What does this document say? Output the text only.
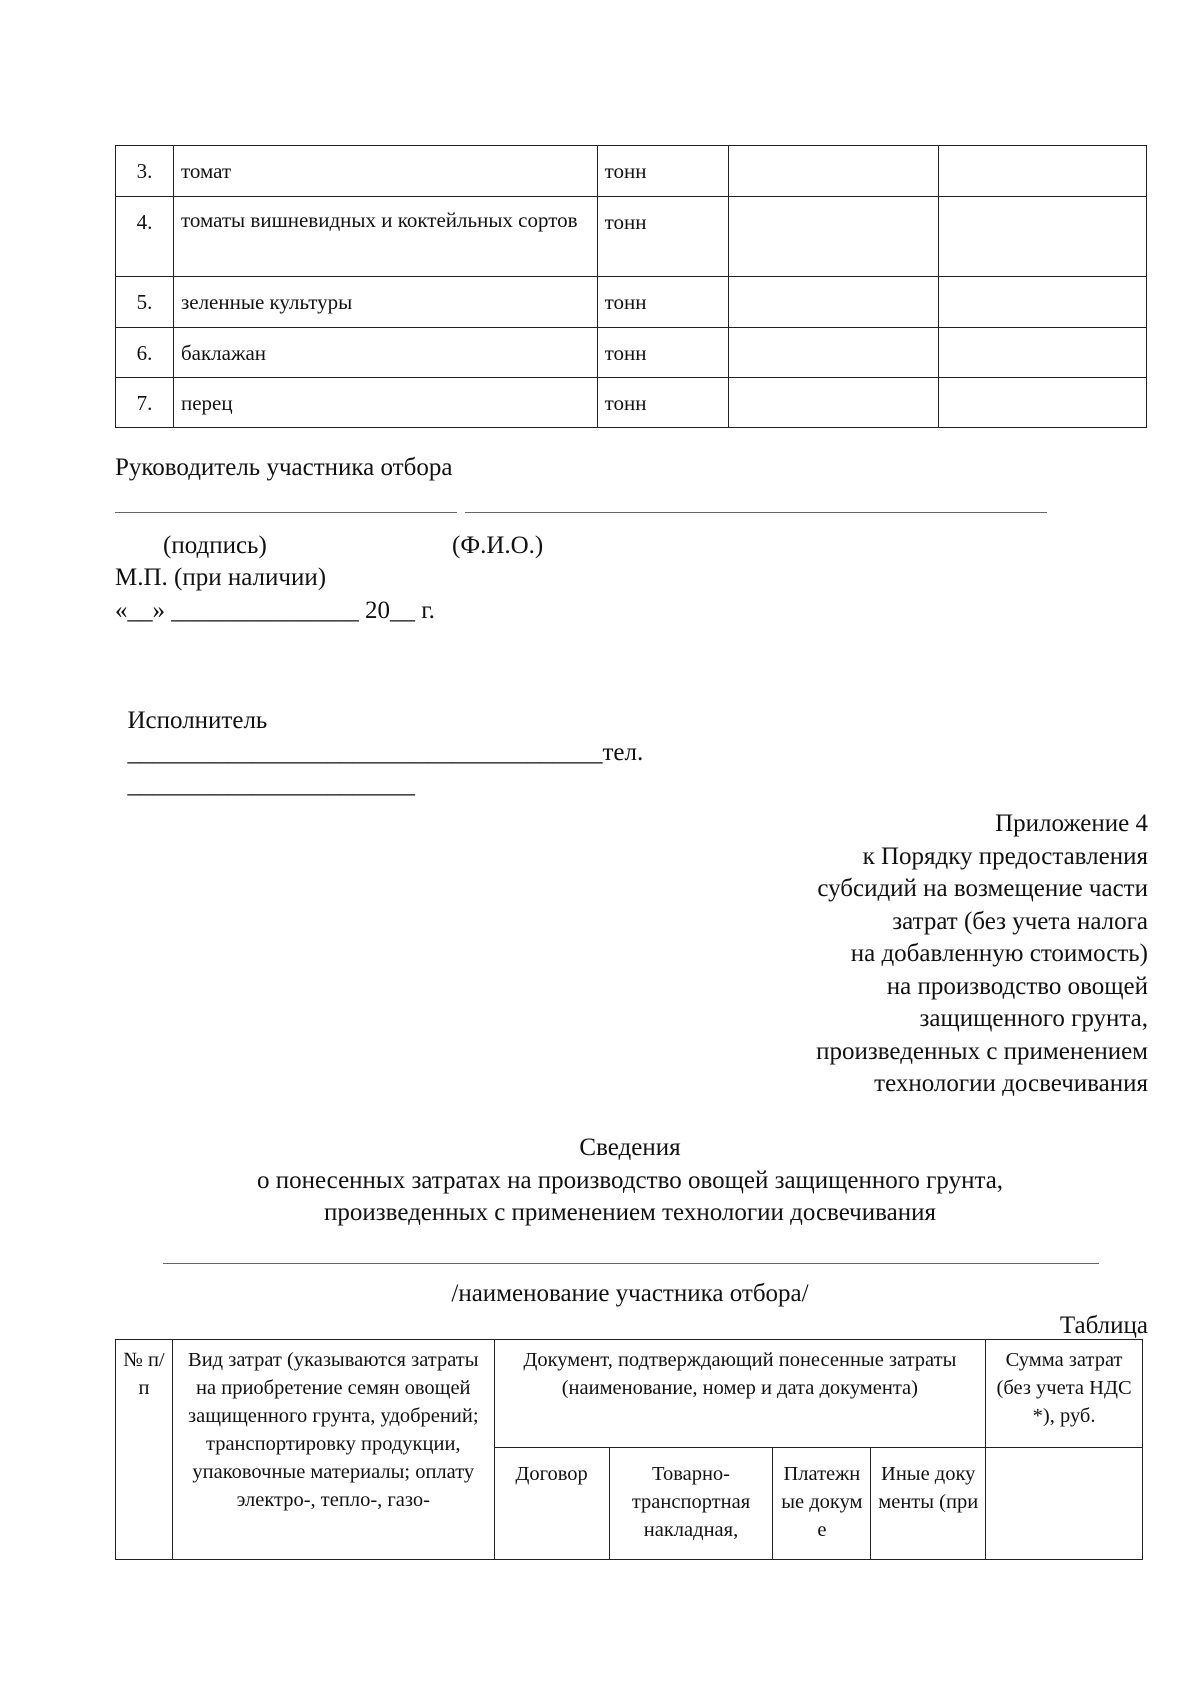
3.	томат	тонн		
4.	томаты вишневидных и коктейльных сортов	тонн		
5.	зеленные культуры	тонн		
6.	баклажан	тонн		
7.	перец	тонн		
Руководитель участника отбора
(подпись)	(Ф.И.О.)
М.П. (при наличии)
«__» _______________ 20__ г.

Исполнитель
______________________________________тел.
_______________________

Приложение 4
к Порядку предоставления
субсидий на возмещение части
затрат (без учета налога
на добавленную стоимость)
на производство овощей
защищенного грунта,
произведенных с применением
технологии досвечивания
Сведения
о понесенных затратах на производство овощей защищенного грунта,
произведенных с применением технологии досвечивания
/наименование участника отбора/
Таблица
№ п/п	Вид затрат (указываются затраты на приобретение семян овощей защищенного грунта, удобрений; транспортировку продукции, упаковочные материалы; оплату электро-, тепло-, газо-	Документ, подтверждающий понесенные затраты (наименование, номер и дата документа)				Сумма затрат (без учета НДС *), руб.
		Договор	Товарно-транспортная накладная,	Платежные докуме	Иные документы (при	
